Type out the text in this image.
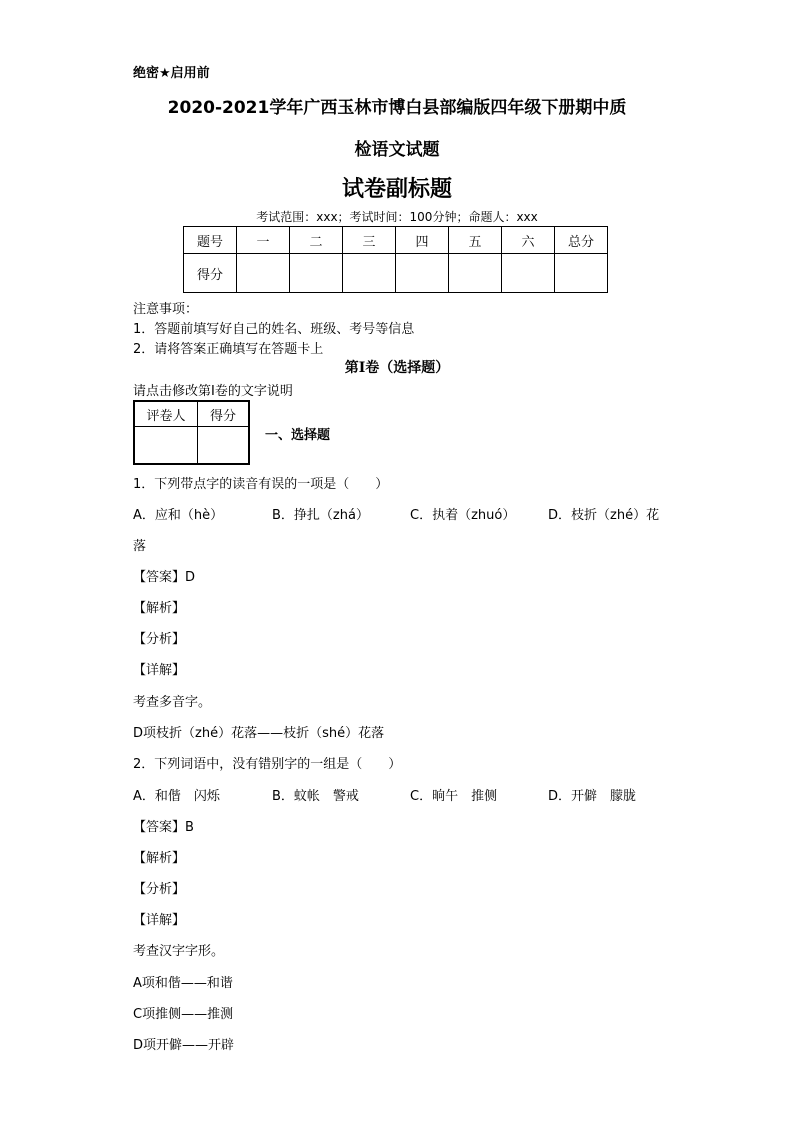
绝密★启用前
2020-2021学年广西玉林市博白县部编版四年级下册期中质
检语文试题
试卷副标题
考试范围：xxx；考试时间：100分钟；命题人：xxx
题号	一	二	三	四	五	六	总分
得分							
注意事项：
1．答题前填写好自己的姓名、班级、考号等信息
2．请将答案正确填写在答题卡上
第I卷（选择题）
请点击修改第I卷的文字说明
评卷人	得分

一、选择题
1．下列带点字的读音有误的一项是（　　）
A．应和（hè）	B．挣扎（zhá）	C．执着（zhuó）	D．枝折（zhé）花
落
【答案】D
【解析】
【分析】
【详解】
考查多音字。
D项枝折（zhé）花落——枝折（shé）花落
2．下列词语中，没有错别字的一组是（　　）
A．和偕　闪烁	B．蚊帐　警戒	C．晌午　推侧	D．开僻　朦胧
【答案】B
【解析】
【分析】
【详解】
考查汉字字形。
A项和偕——和谐
C项推侧——推测
D项开僻——开辟
